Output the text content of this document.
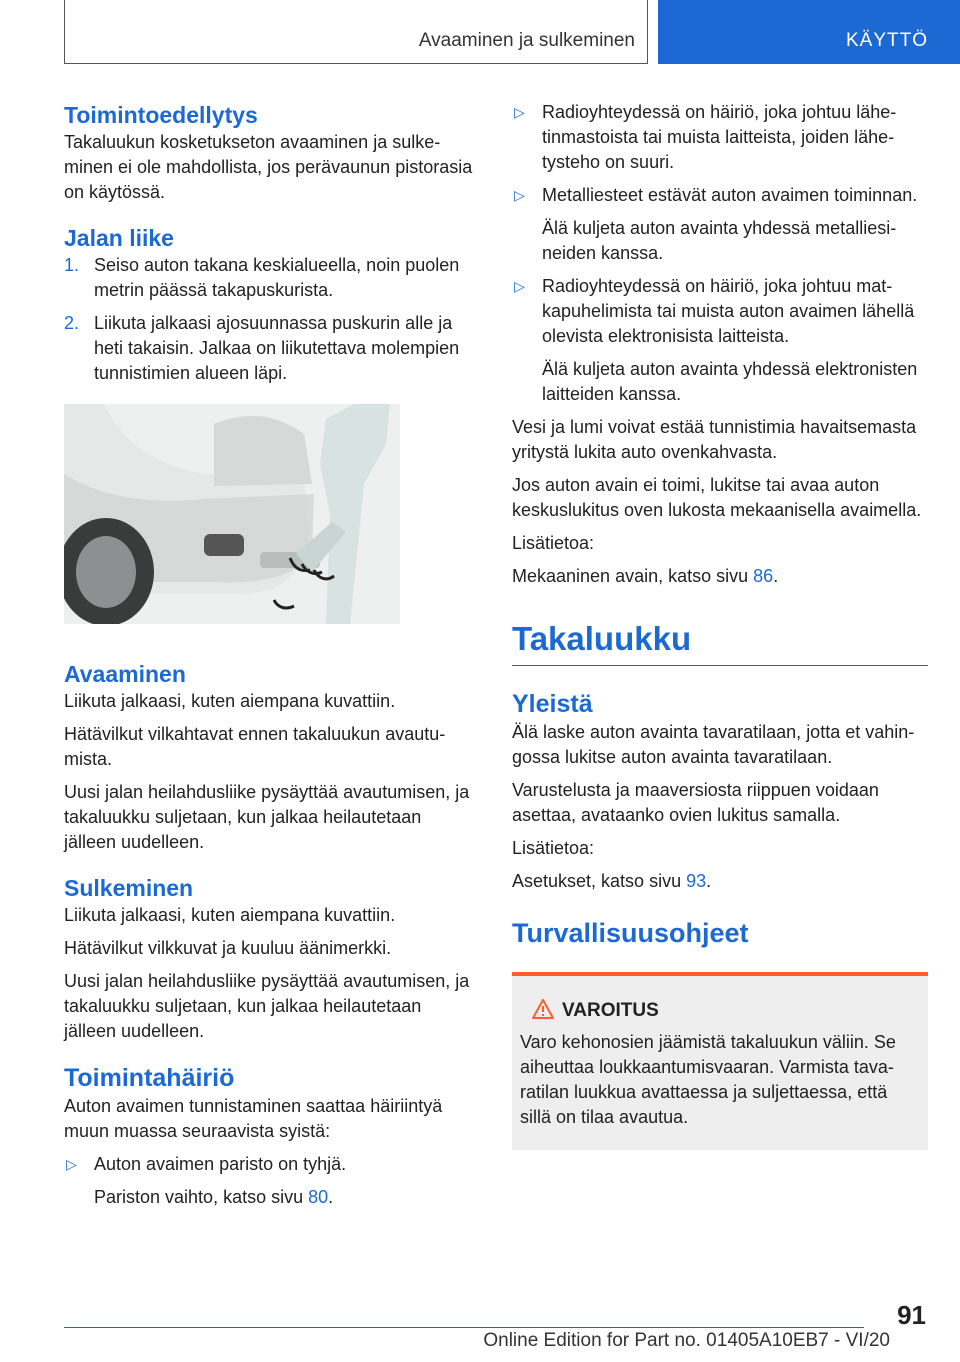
Avaaminen ja sulkeminen	KÄYTTÖ
Toimintoedellytys

Takaluukun kosketukseton avaaminen ja sulkeminen ei ole mahdollista, jos perävaunun pistorasia on käytössä.

Jalan liike
1. Seiso auton takana keskialueella, noin puolen metrin päässä takapuskurista.
2. Liikuta jalkaasi ajosuunnassa puskurin alle ja heti takaisin. Jalkaa on liikutettava molempien tunnistimien alueen läpi.
Avaaminen

Liikuta jalkaasi, kuten aiempana kuvattiin.

Hätävilkut vilkahtavat ennen takaluukun avautumista.

Uusi jalan heilahdusliike pysäyttää avautumisen, ja takaluukku suljetaan, kun jalkaa heilautetaan jälleen uudelleen.

Sulkeminen

Liikuta jalkaasi, kuten aiempana kuvattiin.

Hätävilkut vilkkuvat ja kuuluu äänimerkki.

Uusi jalan heilahdusliike pysäyttää avautumisen, ja takaluukku suljetaan, kun jalkaa heilautetaan jälleen uudelleen.

Toimintahäiriö

Auton avaimen tunnistaminen saattaa häiriintyä muun muassa seuraavista syistä:

▷ Auton avaimen paristo on tyhjä.

Pariston vaihto, katso sivu 80.

▷ Radioyhteydessä on häiriö, joka johtuu lähetinmastoista tai muista laitteista, joiden lähetysteho on suuri.
▷ Metalliesteet estävät auton avaimen toiminnan.

Älä kuljeta auton avainta yhdessä metalliesineiden kanssa.

▷ Radioyhteydessä on häiriö, joka johtuu matkapuhelimista tai muista auton avaimen lähellä olevista elektronisista laitteista.

Älä kuljeta auton avainta yhdessä elektronisten laitteiden kanssa.

Vesi ja lumi voivat estää tunnistimia havaitsemasta yritystä lukita auto ovenkahvasta.

Jos auton avain ei toimi, lukitse tai avaa auton keskuslukitus oven lukosta mekaanisella avaimella.

Lisätietoa:

Mekaaninen avain, katso sivu 86.

Takaluukku
Yleistä

Älä laske auton avainta tavaratilaan, jotta et vahingossa lukitse auton avainta tavaratilaan.

Varustelusta ja maaversiosta riippuen voidaan asettaa, avataanko ovien lukitus samalla.

Lisätietoa:

Asetukset, katso sivu 93.

Turvallisuusohjeet

VAROITUS

Varo kehonosien jäämistä takaluukun väliin. Se aiheuttaa loukkaantumisvaaran. Varmista tavaratilan luukkua avattaessa ja suljettaessa, että sillä on tilaa avautua.

91
Online Edition for Part no. 01405A10EB7 - VI/20
